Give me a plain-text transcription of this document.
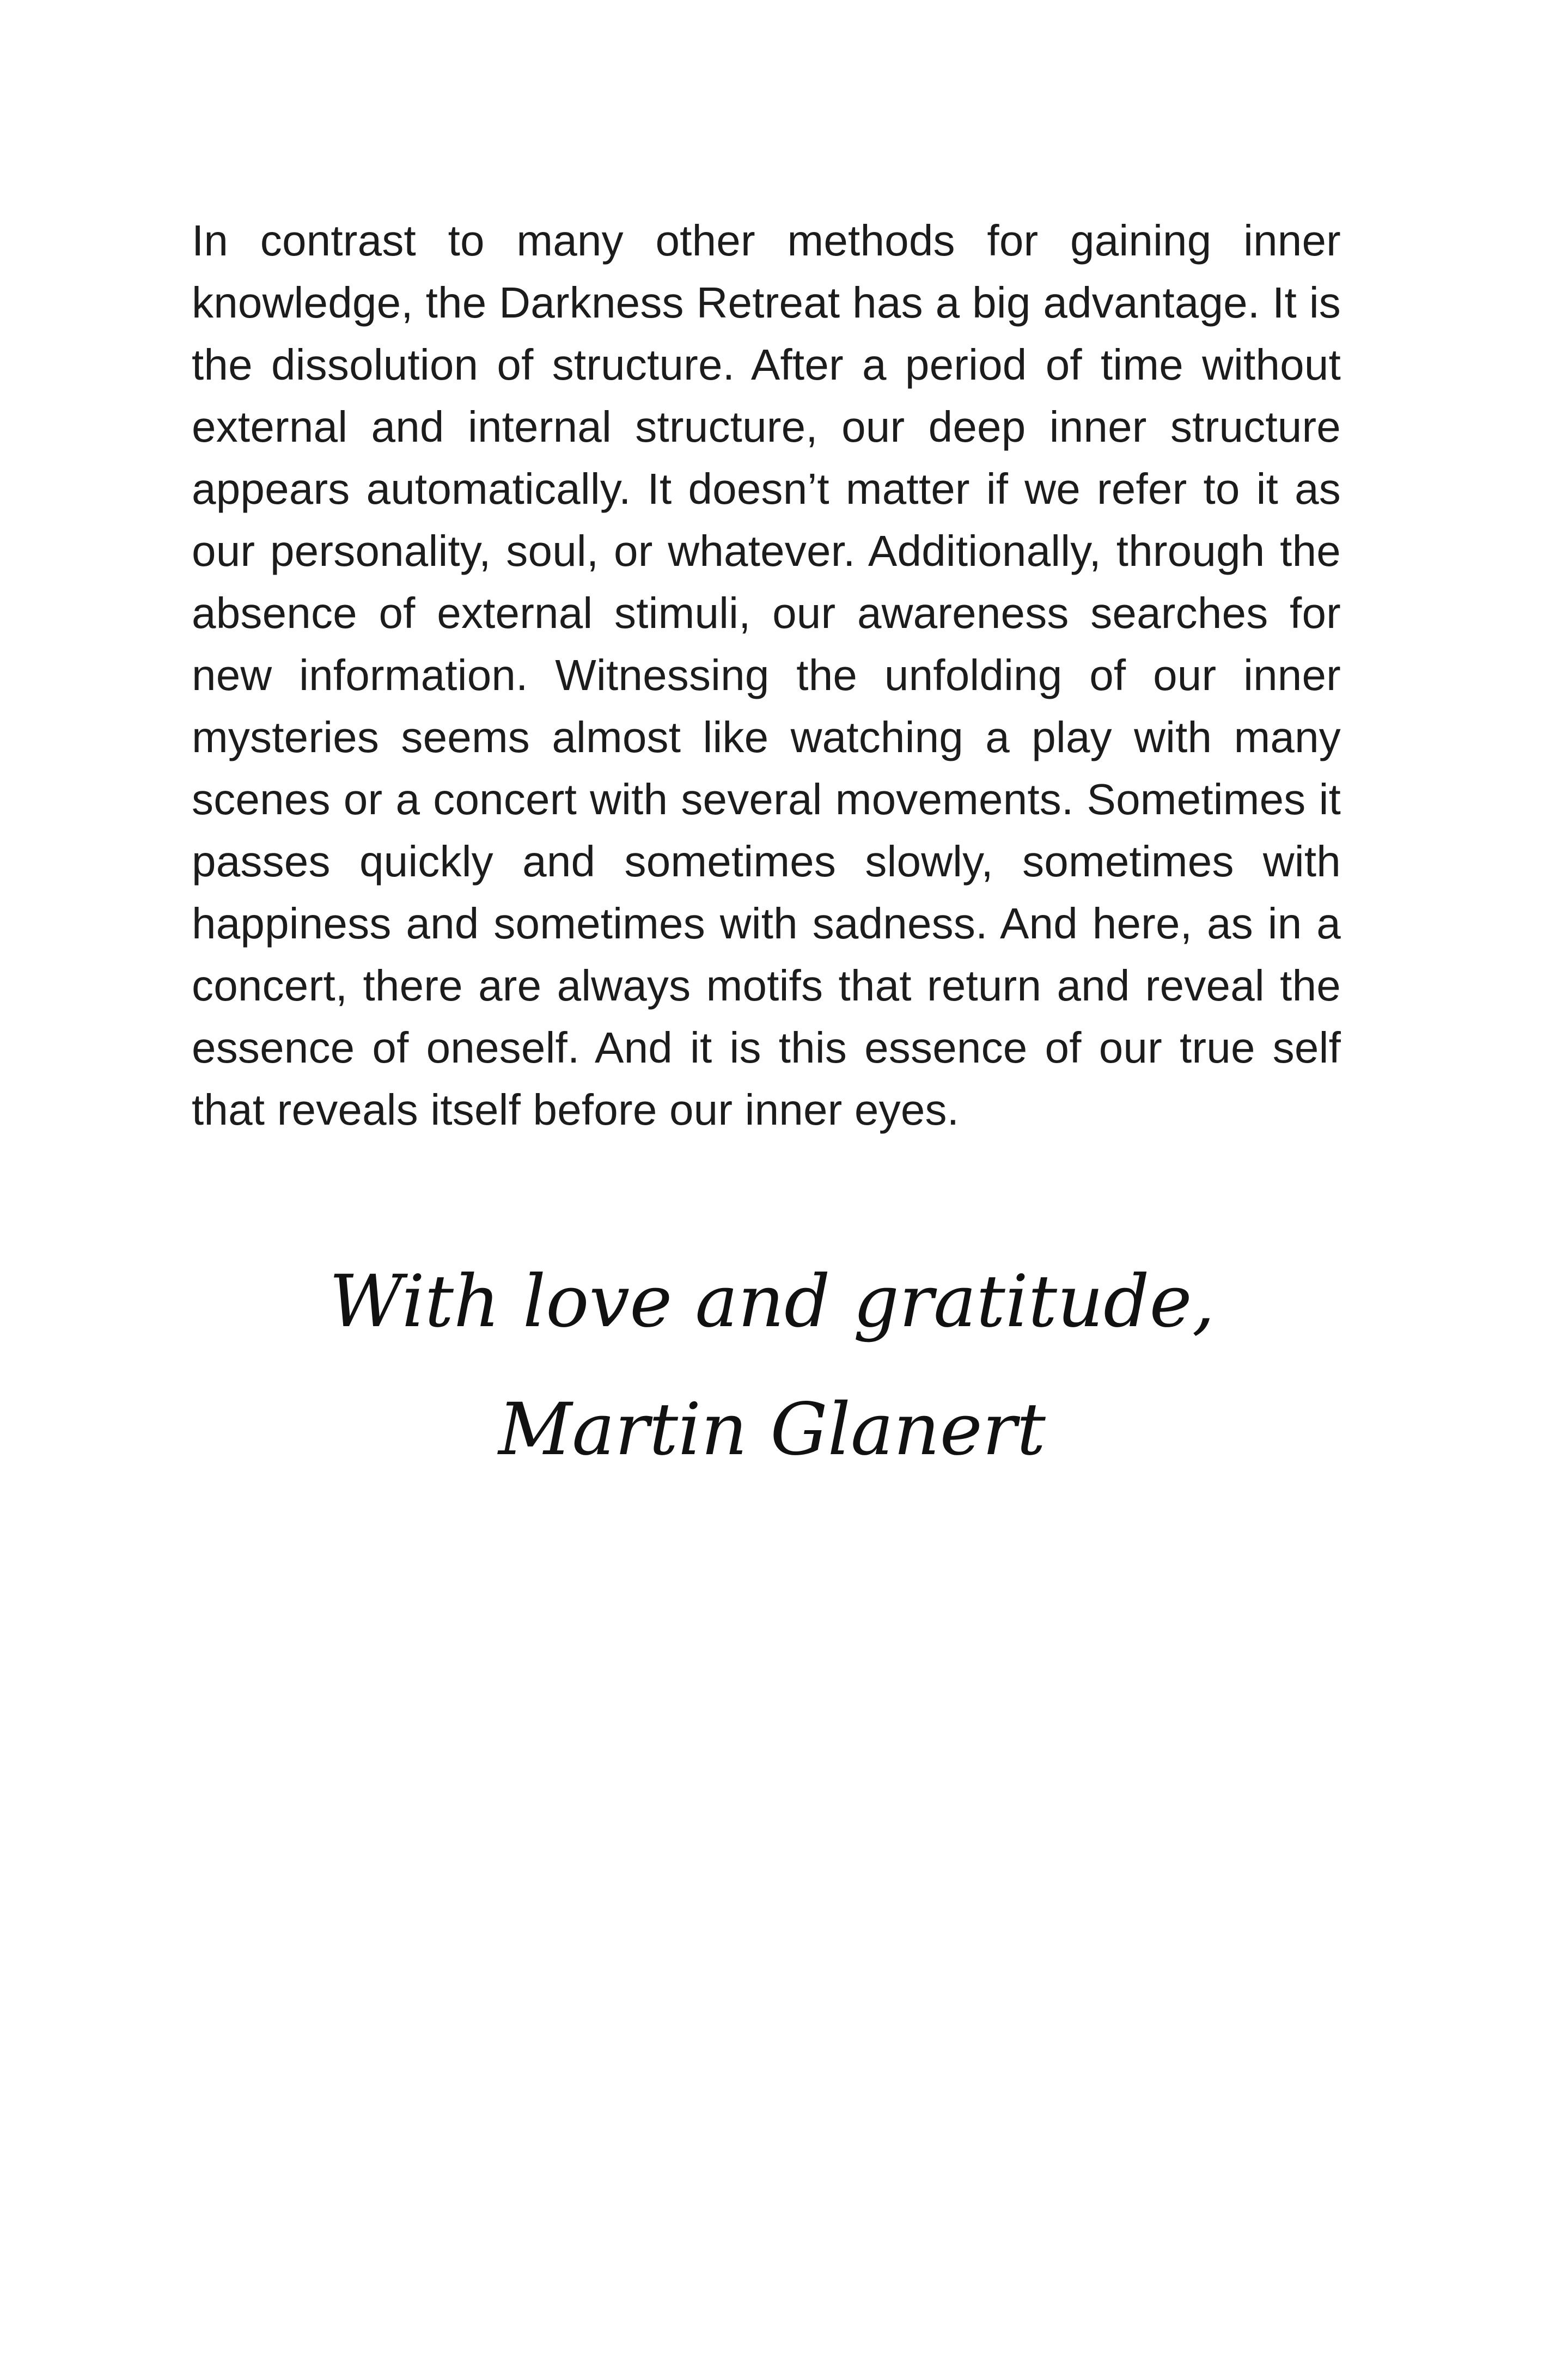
In contrast to many other methods for gaining inner knowledge, the Darkness Retreat has a big advantage. It is the dissolution of structure. After a period of time without external and internal structure, our deep inner structure appears automatically. It doesn’t matter if we refer to it as our personality, soul, or whatever. Additionally, through the absence of external stimuli, our awareness searches for new information. Witnessing the unfolding of our inner mysteries seems almost like watching a play with many scenes or a concert with several movements. Sometimes it passes quickly and sometimes slowly, sometimes with happiness and sometimes with sadness. And here, as in a concert, there are always motifs that return and reveal the essence of oneself. And it is this essence of our true self that reveals itself before our inner eyes.

With love and gratitude,
Martin Glanert
